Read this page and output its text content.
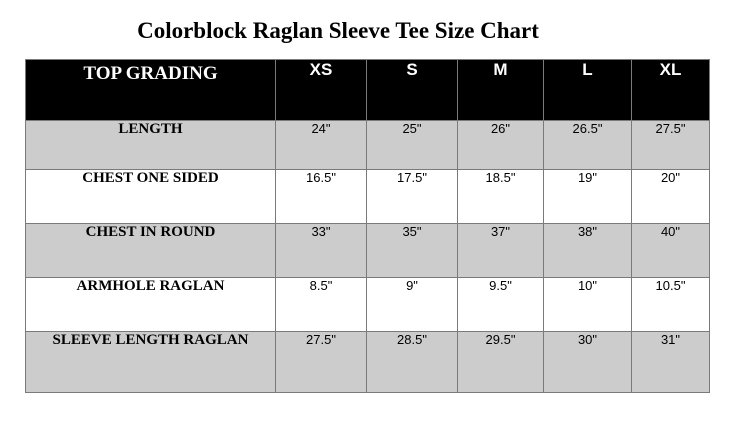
Colorblock Raglan Sleeve Tee Size Chart
TOP GRADING	XS	S	M	L	XL
LENGTH	24"	25"	26"	26.5"	27.5"
CHEST ONE SIDED	16.5"	17.5"	18.5"	19"	20"
CHEST IN ROUND	33"	35"	37"	38"	40"
ARMHOLE RAGLAN	8.5"	9"	9.5"	10"	10.5"
SLEEVE LENGTH RAGLAN	27.5"	28.5"	29.5"	30"	31"
